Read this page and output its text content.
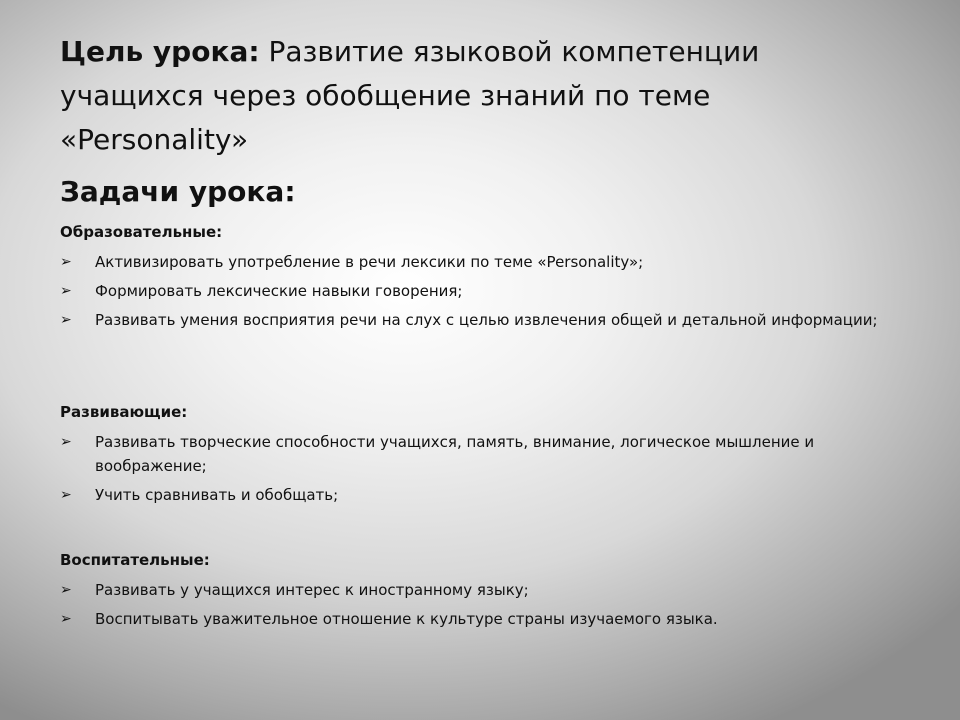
Цель урока: Развитие языковой компетенции учащихся через обобщение знаний по теме «Personality»

Задачи урока:

Образовательные:

➢ Активизировать употребление в речи лексики по теме «Personality»;
➢ Формировать лексические навыки говорения;
➢ Развивать умения восприятия речи на слух с целью извлечения общей и детальной информации;

Развивающие:

➢ Развивать творческие способности учащихся, память, внимание, логическое мышление и воображение;
➢ Учить сравнивать и обобщать;

Воспитательные:

➢ Развивать у учащихся интерес к иностранному языку;
➢ Воспитывать уважительное отношение к культуре страны изучаемого языка.
